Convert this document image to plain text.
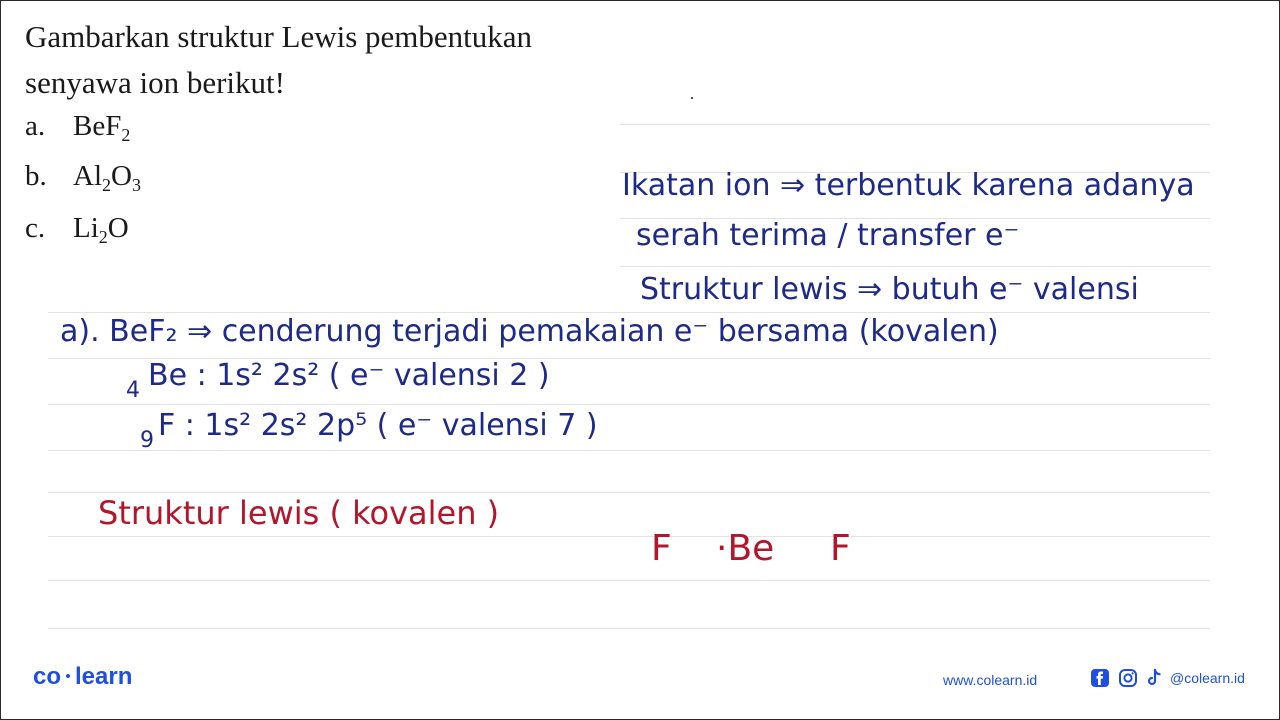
Gambarkan struktur Lewis pembentukan
senyawa ion berikut!
a. BeF$_2$
b. $Al_2O_3$
c. $Li_2O$
Ikatan ion ⇒ terbentuk karena adanya
serah terima / transfer e⁻
Struktur lewis ⇒ butuh e⁻ valensi
a). BeF₂ ⇒ cenderung terjadi pemakaian e⁻ bersama (kovalen)
4 Be : 1s² 2s² ( e⁻ valensi 2 )
9 F : 1s² 2s² 2p⁵ ( e⁻ valensi 7 )
Struktur lewis ( kovalen )
F ·Be F
co learn	www.colearn.id	@colearn.id
